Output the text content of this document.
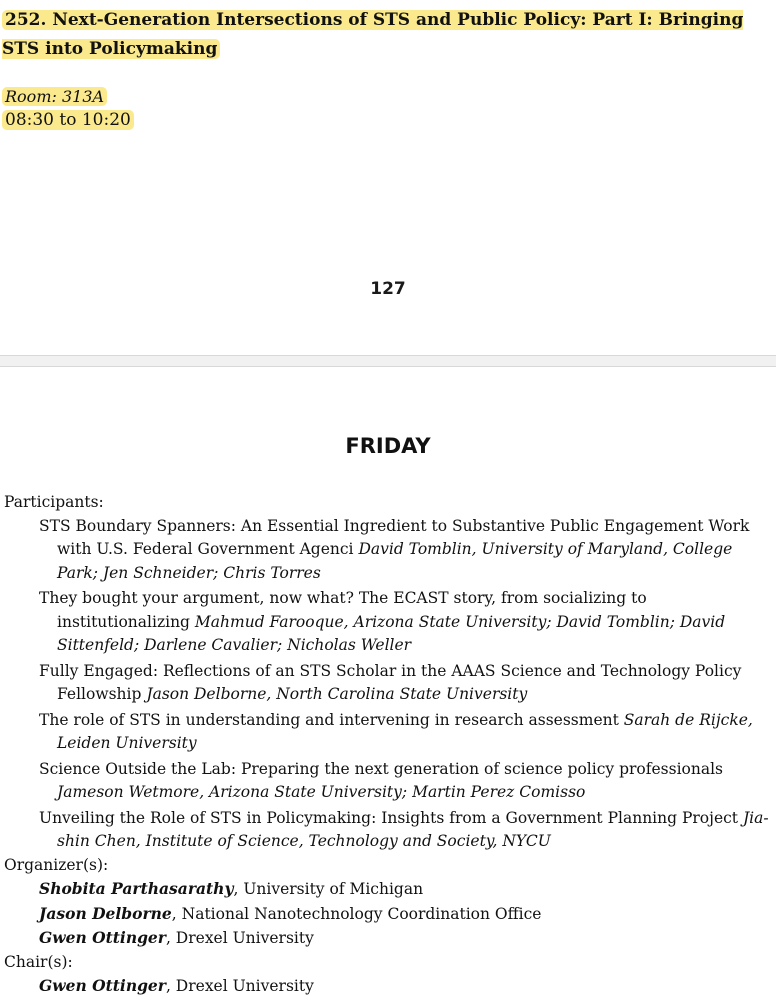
252. Next-Generation Intersections of STS and Public Policy: Part I: Bringing STS into Policymaking
Room: 313A
08:30 to 10:20
127
FRIDAY

Participants:

STS Boundary Spanners: An Essential Ingredient to Substantive Public Engagement Work with U.S. Federal Government Agenci David Tomblin, University of Maryland, College Park; Jen Schneider; Chris Torres

They bought your argument, now what? The ECAST story, from socializing to institutionalizing Mahmud Farooque, Arizona State University; David Tomblin; David Sittenfeld; Darlene Cavalier; Nicholas Weller

Fully Engaged: Reflections of an STS Scholar in the AAAS Science and Technology Policy Fellowship Jason Delborne, North Carolina State University

The role of STS in understanding and intervening in research assessment Sarah de Rijcke, Leiden University

Science Outside the Lab: Preparing the next generation of science policy professionals Jameson Wetmore, Arizona State University; Martin Perez Comisso

Unveiling the Role of STS in Policymaking: Insights from a Government Planning Project Jia-shin Chen, Institute of Science, Technology and Society, NYCU

Organizer(s):

Shobita Parthasarathy, University of Michigan

Jason Delborne, National Nanotechnology Coordination Office

Gwen Ottinger, Drexel University

Chair(s):

Gwen Ottinger, Drexel University
